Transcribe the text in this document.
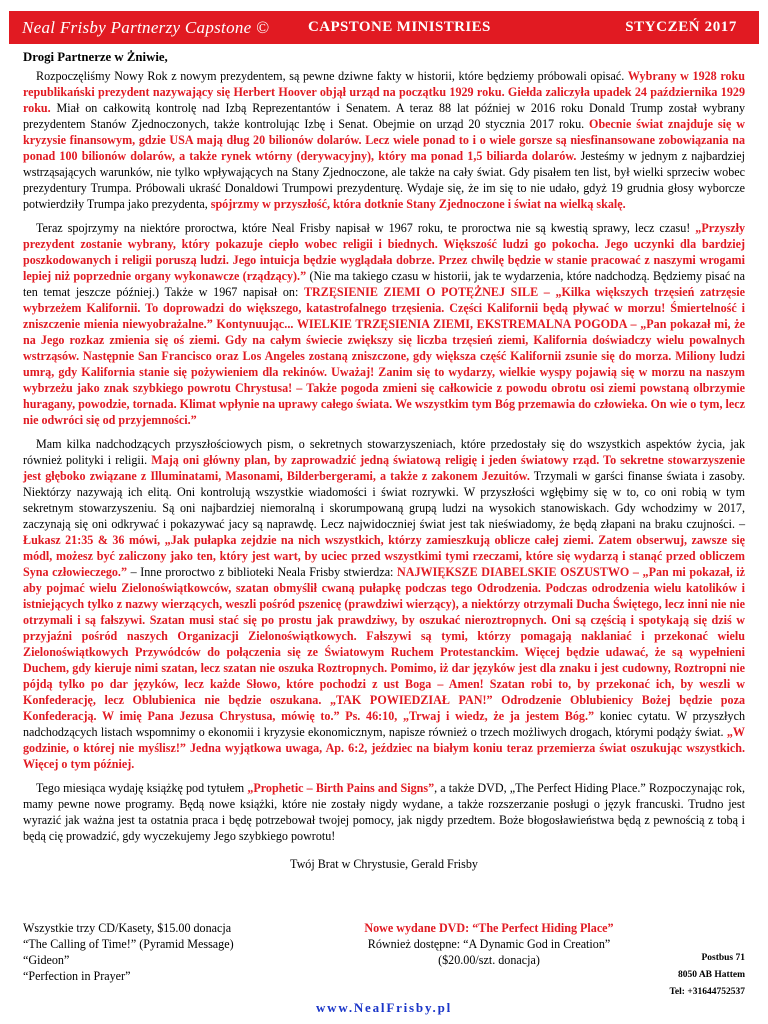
Neal Frisby Partnerzy Capstone ©	CAPSTONE MINISTRIES	STYCZEŃ 2017
Drogi Partnerze w Żniwie,

Rozpoczęliśmy Nowy Rok z nowym prezydentem, są pewne dziwne fakty w historii, które będziemy próbowali opisać. Wybrany w 1928 roku republikański prezydent nazywający się Herbert Hoover objął urząd na początku 1929 roku. Giełda zaliczyła upadek 24 października 1929 roku. Miał on całkowitą kontrolę nad Izbą Reprezentantów i Senatem. A teraz 88 lat później w 2016 roku Donald Trump został wybrany prezydentem Stanów Zjednoczonych, także kontrolując Izbę i Senat. Obejmie on urząd 20 stycznia 2017 roku. Obecnie świat znajduje się w kryzysie finansowym, gdzie USA mają dług 20 bilionów dolarów. Lecz wiele ponad to i o wiele gorsze są niesfinansowane zobowiązania na ponad 100 bilionów dolarów, a także rynek wtórny (derywacyjny), który ma ponad 1,5 biliarda dolarów. Jesteśmy w jednym z najbardziej wstrząsających warunków, nie tylko wpływających na Stany Zjednoczone, ale także na cały świat. Gdy pisałem ten list, był wielki sprzeciw wobec prezydentury Trumpa. Próbowali ukraść Donaldowi Trumpowi prezydenturę. Wydaje się, że im się to nie udało, gdyż 19 grudnia głosy wyborcze potwierdziły Trumpa jako prezydenta, spójrzmy w przyszłość, która dotknie Stany Zjednoczone i świat na wielką skalę.

Teraz spojrzymy na niektóre proroctwa, które Neal Frisby napisał w 1967 roku, te proroctwa nie są kwestią sprawy, lecz czasu! „Przyszły prezydent zostanie wybrany, który pokazuje ciepło wobec religii i biednych. Większość ludzi go pokocha. Jego uczynki dla bardziej poszkodowanych i religii poruszą ludzi. Jego intuicja będzie wyglądała dobrze. Przez chwilę będzie w stanie pracować z naszymi wrogami lepiej niż poprzednie organy wykonawcze (rządzący).” (Nie ma takiego czasu w historii, jak te wydarzenia, które nadchodzą. Będziemy pisać na ten temat jeszcze później.) Także w 1967 napisał on: TRZĘSIENIE ZIEMI O POTĘŻNEJ SILE – „Kilka większych trzęsień zatrzęsie wybrzeżem Kalifornii. To doprowadzi do większego, katastrofalnego trzęsienia. Części Kalifornii będą pływać w morzu! Śmiertelność i zniszczenie mienia niewyobrażalne.” Kontynuując... WIELKIE TRZĘSIENIA ZIEMI, EKSTREMALNA POGODA – „Pan pokazał mi, że na Jego rozkaz zmienia się oś ziemi. Gdy na całym świecie zwiększy się liczba trzęsień ziemi, Kalifornia doświadczy wielu powalnych wstrząsów. Następnie San Francisco oraz Los Angeles zostaną zniszczone, gdy większa część Kalifornii zsunie się do morza. Miliony ludzi umrą, gdy Kalifornia stanie się pożywieniem dla rekinów. Uważaj! Zanim się to wydarzy, wielkie wyspy pojawią się w morzu na naszym wybrzeżu jako znak szybkiego powrotu Chrystusa! – Także pogoda zmieni się całkowicie z powodu obrotu osi ziemi powstaną olbrzymie huragany, powodzie, tornada. Klimat wpłynie na uprawy całego świata. We wszystkim tym Bóg przemawia do człowieka. On wie o tym, lecz nie odwróci się od przyjemności.”

Mam kilka nadchodzących przyszłościowych pism, o sekretnych stowarzyszeniach, które przedostały się do wszystkich aspektów życia, jak również polityki i religii. Mają oni główny plan, by zaprowadzić jedną światową religię i jeden światowy rząd. To sekretne stowarzyszenie jest głęboko związane z Illuminatami, Masonami, Bilderbergerami, a także z zakonem Jezuitów. Trzymali w garści finanse świata i zasoby. Niektórzy nazywają ich elitą. Oni kontrolują wszystkie wiadomości i świat rozrywki. W przyszłości wgłębimy się w to, co oni robią w tym sekretnym stowarzyszeniu. Są oni najbardziej niemoralną i skorumpowaną grupą ludzi na wysokich stanowiskach. Gdy wchodzimy w 2017, zaczynają się oni odkrywać i pokazywać jacy są naprawdę. Lecz najwidoczniej świat jest tak nieświadomy, że będą złapani na braku czujności. – Łukasz 21:35 & 36 mówi, „Jak pułapka zejdzie na nich wszystkich, którzy zamieszkują oblicze całej ziemi. Zatem obserwuj, zawsze się módl, możesz być zaliczony jako ten, który jest wart, by uciec przed wszystkimi tymi rzeczami, które się wydarzą i stanąć przed obliczem Syna człowieczego.” – Inne proroctwo z biblioteki Neala Frisby stwierdza: NAJWIĘKSZE DIABELSKIE OSZUSTWO – „Pan mi pokazał, iż aby pojmać wielu Zielonoświątkowców, szatan obmyślił cwaną pułapkę podczas tego Odrodzenia. Podczas odrodzenia wielu katolików i istniejących tylko z nazwy wierzących, weszli pośród pszenicę (prawdziwi wierzący), a niektórzy otrzymali Ducha Świętego, lecz inni nie nie otrzymali i są fałszywi. Szatan musi stać się po prostu jak prawdziwy, by oszukać nieroztropnych. Oni są częścią i spotykają się dziś w przyjaźni pośród naszych Organizacji Zielonoświątkowych. Fałszywi są tymi, którzy pomagają naklaniać i przekonać wielu Zielonoświątkowych Przywódców do połączenia się ze Światowym Ruchem Protestanckim. Więcej będzie udawać, że są wypełnieni Duchem, gdy kieruje nimi szatan, lecz szatan nie oszuka Roztropnych. Pomimo, iż dar języków jest dla znaku i jest cudowny, Roztropni nie pójdą tylko po dar języków, lecz każde Słowo, które pochodzi z ust Boga – Amen! Szatan robi to, by przekonać ich, by weszli w Konfederację, lecz Oblubienica nie będzie oszukana. „TAK POWIEDZIAŁ PAN!” Odrodzenie Oblubienicy Bożej będzie poza Konfederacją. W imię Pana Jezusa Chrystusa, mówię to.” Ps. 46:10, „Trwaj i wiedz, że ja jestem Bóg.” koniec cytatu. W przyszłych nadchodzących listach wspomnimy o ekonomii i kryzysie ekonomicznym, napisze również o trzech możliwych drogach, którymi podąży świat. „W godzinie, o której nie myślisz!” Jedna wyjątkowa uwaga, Ap. 6:2, jeździec na białym koniu teraz przemierza świat oszukując wszystkich. Więcej o tym później.

Tego miesiąca wydaję książkę pod tytułem „Prophetic – Birth Pains and Signs”, a także DVD, „The Perfect Hiding Place.” Rozpoczynając rok, mamy pewne nowe programy. Będą nowe książki, które nie zostały nigdy wydane, a także rozszerzanie posługi o język francuski. Trudno jest wyrazić jak ważna jest ta ostatnia praca i będę potrzebował twojej pomocy, jak nigdy przedtem. Boże błogosławieństwa będą z pewnością z tobą i będą cię prowadzić, gdy wyczekujemy Jego szybkiego powrotu!

Twój Brat w Chrystusie, Gerald Frisby
Wszystkie trzy CD/Kasety, $15.00 donacja
“The Calling of Time!” (Pyramid Message)
“Gideon”
“Perfection in Prayer”
Nowe wydane DVD: “The Perfect Hiding Place”
Również dostępne: “A Dynamic God in Creation”
($20.00/szt. donacja)	Postbus 71
8050 AB Hattem
Tel: +31644752537
www.NealFrisby.pl
